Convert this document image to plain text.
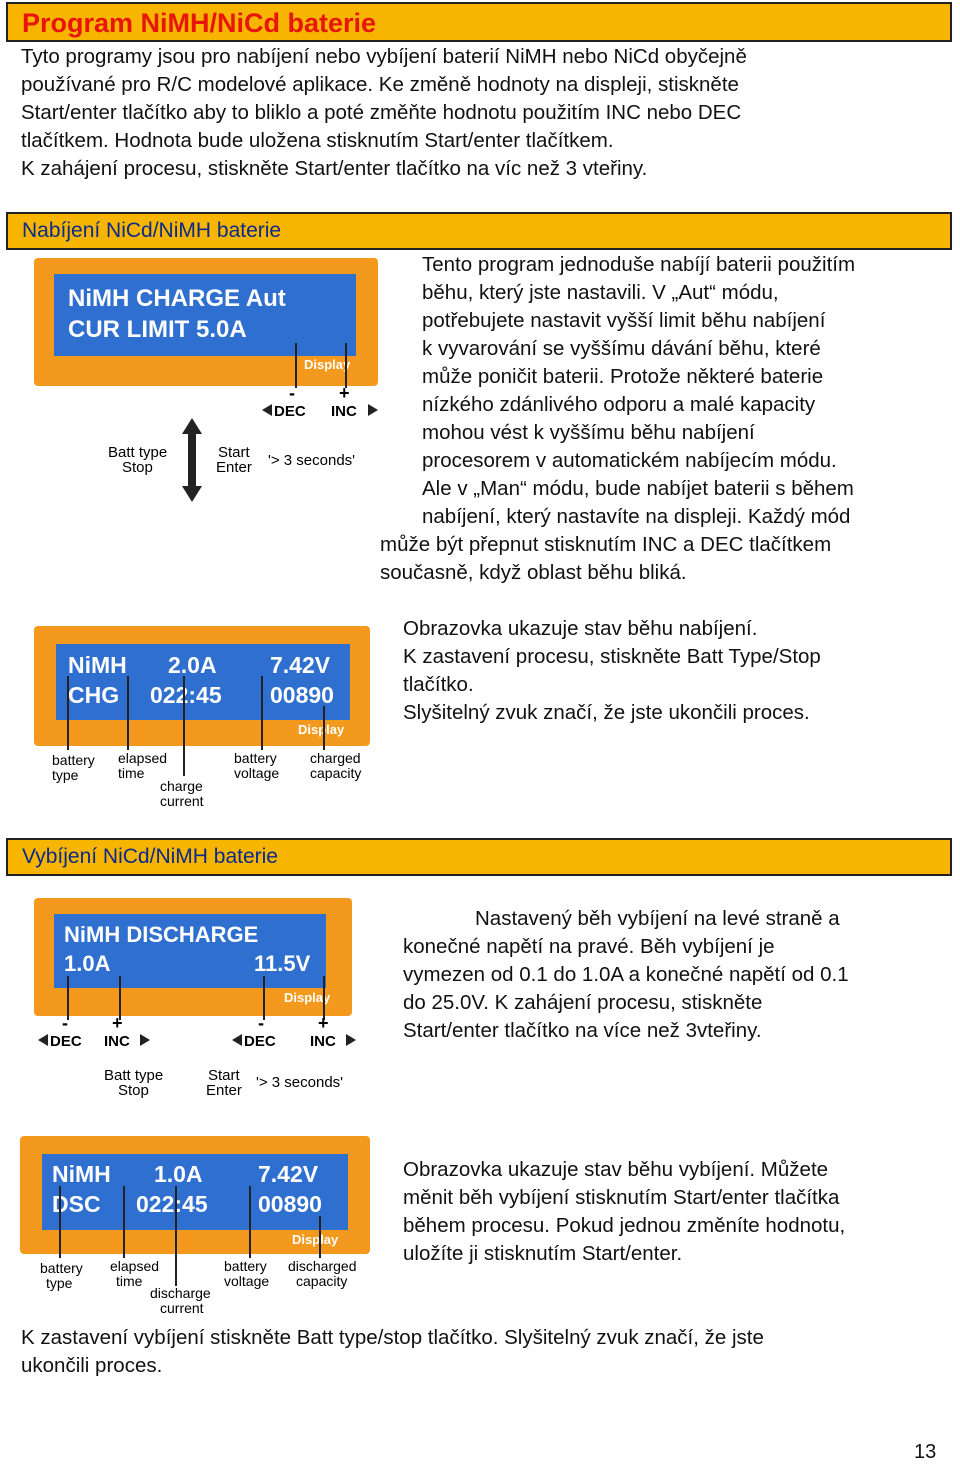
Program NiMH/NiCd baterie

Tyto programy jsou pro nabíjení nebo vybíjení baterií NiMH nebo NiCd obyčejně

používané pro R/C modelové aplikace. Ke změně hodnoty na displeji, stiskněte

Start/enter tlačítko aby to bliklo a poté změňte hodnotu použitím INC nebo DEC

tlačítkem. Hodnota bude uložena stisknutím Start/enter tlačítkem.

K zahájení procesu, stiskněte Start/enter tlačítko na víc než 3 vteřiny.

Nabíjení NiCd/NiMH baterie
NiMH CHARGE Aut
CUR LIMIT 5.0A
Display
- +
DEC INC
Batt type
Stop
Start
Enter '> 3 seconds'

Tento program jednoduše nabíjí baterii použitím

běhu, který jste nastavili. V „Aut“ módu,

potřebujete nastavit vyšší limit běhu nabíjení

k vyvarování se vyššímu dávání běhu, které

může poničit baterii. Protože některé baterie

nízkého zdánlivého odporu a malé kapacity

mohou vést k vyššímu běhu nabíjení

procesorem v automatickém nabíjecím módu.

Ale v „Man“ módu, bude nabíjet baterii s během

nabíjení, který nastavíte na displeji. Každý mód

může být přepnut stisknutím INC a DEC tlačítkem

současně, když oblast běhu bliká.

NiMH 2.0A 7.42V
CHG 022:45 00890
Display
battery
type
elapsed
time
charge
current
battery
voltage
charged
capacity

Obrazovka ukazuje stav běhu nabíjení.

K zastavení procesu, stiskněte Batt Type/Stop

tlačítko.

Slyšitelný zvuk značí, že jste ukončili proces.

Vybíjení NiCd/NiMH baterie
NiMH DISCHARGE
1.0A	11.5V
Display
- +
DEC INC
-	+
DEC INC
Batt type
Stop
Start
Enter '> 3 seconds'

Nastavený běh vybíjení na levé straně a

konečné napětí na pravé. Běh vybíjení je

vymezen od 0.1 do 1.0A a konečné napětí od 0.1

do 25.0V. K zahájení procesu, stiskněte

Start/enter tlačítko na více než 3vteřiny.

NiMH 1.0A 7.42V
DSC 022:45 00890
Display
battery
type
elapsed
time
discharge
current
battery
voltage
discharged
capacity

Obrazovka ukazuje stav běhu vybíjení. Můžete

měnit běh vybíjení stisknutím Start/enter tlačítka

během procesu. Pokud jednou změníte hodnotu,

uložíte ji stisknutím Start/enter.

K zastavení vybíjení stiskněte Batt type/stop tlačítko. Slyšitelný zvuk značí, že jste

ukončili proces.

13
